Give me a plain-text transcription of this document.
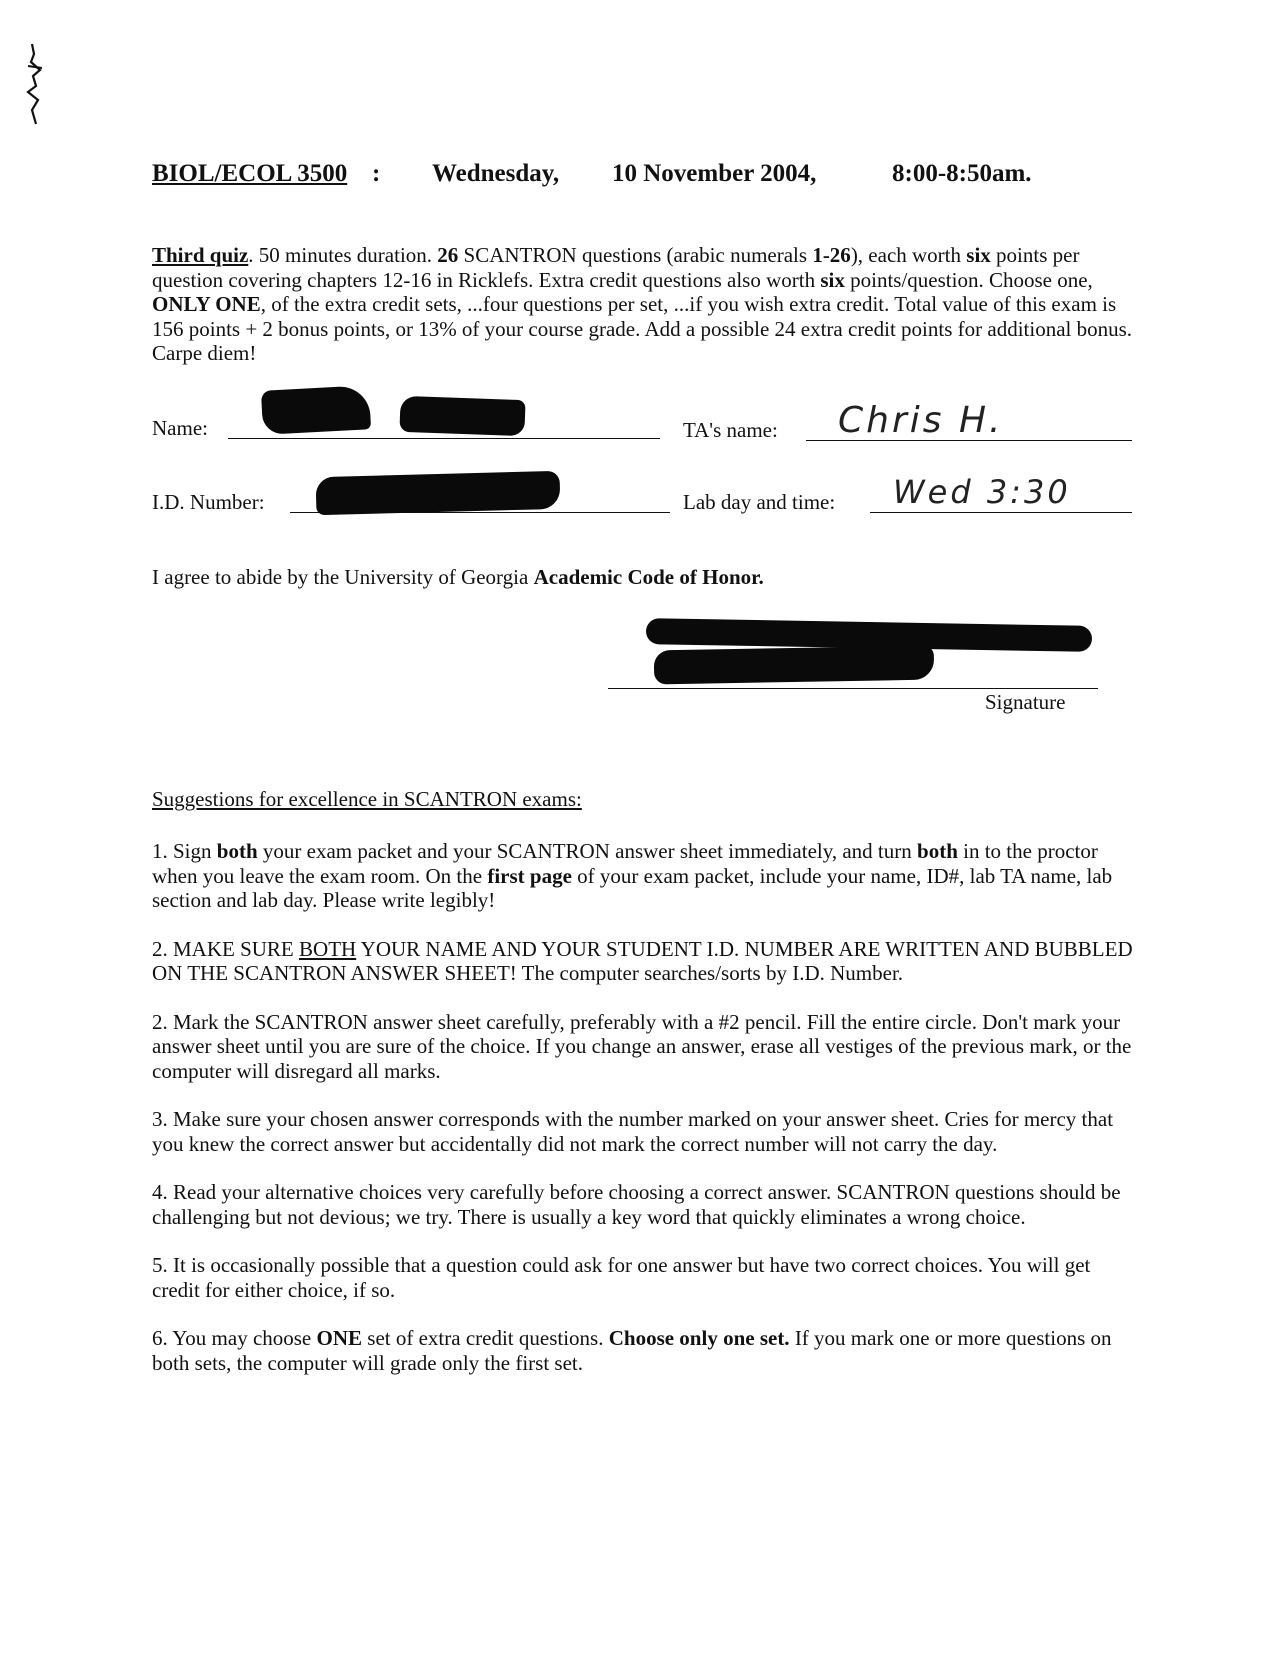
BIOL/ECOL 3500 : Wednesday, 10 November 2004,	8:00-8:50am.
Third quiz. 50 minutes duration. 26 SCANTRON questions (arabic numerals 1-26), each worth six points per question covering chapters 12-16 in Ricklefs. Extra credit questions also worth six points/question. Choose one, ONLY ONE, of the extra credit sets, ...four questions per set, ...if you wish extra credit. Total value of this exam is 156 points + 2 bonus points, or 13% of your course grade. Add a possible 24 extra credit points for additional bonus. Carpe diem!
Name:	TA's name: Chris H.
I.D. Number:	Lab day and time: Wed 3:30
I agree to abide by the University of Georgia Academic Code of Honor.
Signature
Suggestions for excellence in SCANTRON exams:
1. Sign both your exam packet and your SCANTRON answer sheet immediately, and turn both in to the proctor when you leave the exam room. On the first page of your exam packet, include your name, ID#, lab TA name, lab section and lab day. Please write legibly!
2. MAKE SURE BOTH YOUR NAME AND YOUR STUDENT I.D. NUMBER ARE WRITTEN AND BUBBLED ON THE SCANTRON ANSWER SHEET! The computer searches/sorts by I.D. Number.
2. Mark the SCANTRON answer sheet carefully, preferably with a #2 pencil. Fill the entire circle. Don't mark your answer sheet until you are sure of the choice. If you change an answer, erase all vestiges of the previous mark, or the computer will disregard all marks.
3. Make sure your chosen answer corresponds with the number marked on your answer sheet. Cries for mercy that you knew the correct answer but accidentally did not mark the correct number will not carry the day.
4. Read your alternative choices very carefully before choosing a correct answer. SCANTRON questions should be challenging but not devious; we try. There is usually a key word that quickly eliminates a wrong choice.
5. It is occasionally possible that a question could ask for one answer but have two correct choices. You will get credit for either choice, if so.
6. You may choose ONE set of extra credit questions. Choose only one set. If you mark one or more questions on both sets, the computer will grade only the first set.
